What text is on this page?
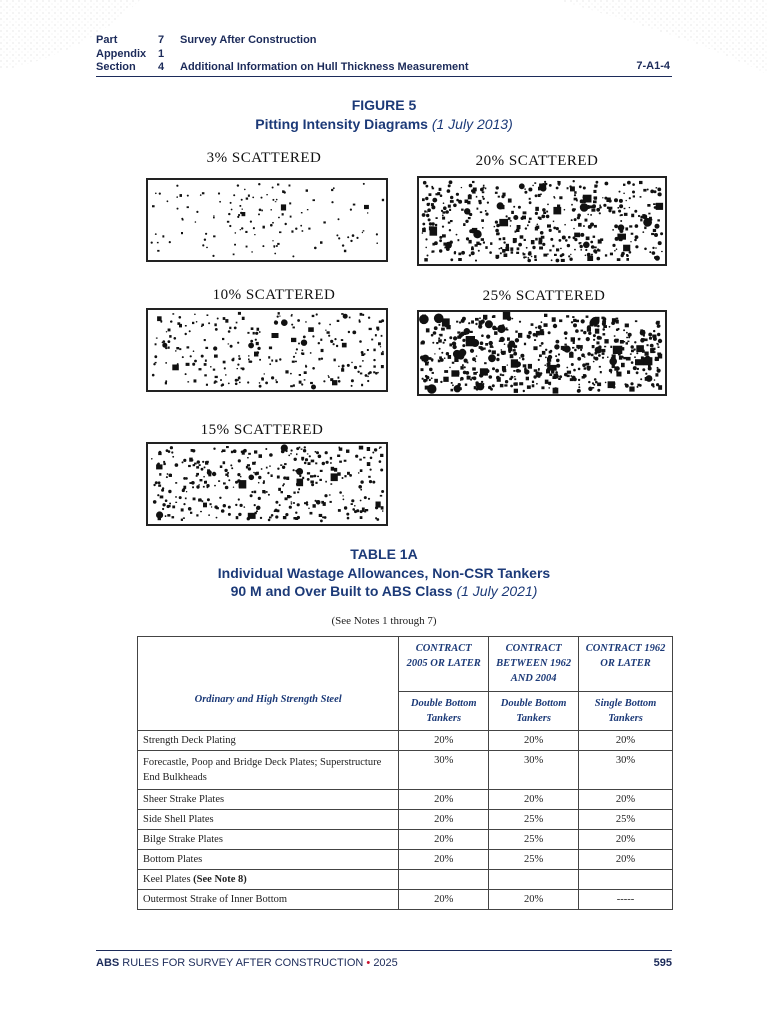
Part	7 Survey After Construction
Appendix 1
Section 4 Additional Information on Hull Thickness Measurement	7-A1-4
FIGURE 5
Pitting Intensity Diagrams (1 July 2013)
3% SCATTERED	20% SCATTERED
10% SCATTERED	25% SCATTERED
15% SCATTERED
TABLE 1A
Individual Wastage Allowances, Non-CSR Tankers
90 M and Over Built to ABS Class (1 July 2021)
(See Notes 1 through 7)
Ordinary and High Strength Steel	CONTRACT 2005 OR LATER	CONTRACT BETWEEN 1962 AND 2004	CONTRACT 1962 OR LATER
	Double Bottom Tankers	Double Bottom Tankers	Single Bottom Tankers
Strength Deck Plating	20%	20%	20%
Forecastle, Poop and Bridge Deck Plates; Superstructure End Bulkheads	30%	30%	30%
Sheer Strake Plates	20%	20%	20%
Side Shell Plates	20%	25%	25%
Bilge Strake Plates	20%	25%	20%
Bottom Plates	20%	25%	20%
Keel Plates (See Note 8)			
Outermost Strake of Inner Bottom	20%	20%	-----
ABS RULES FOR SURVEY AFTER CONSTRUCTION • 2025	595
